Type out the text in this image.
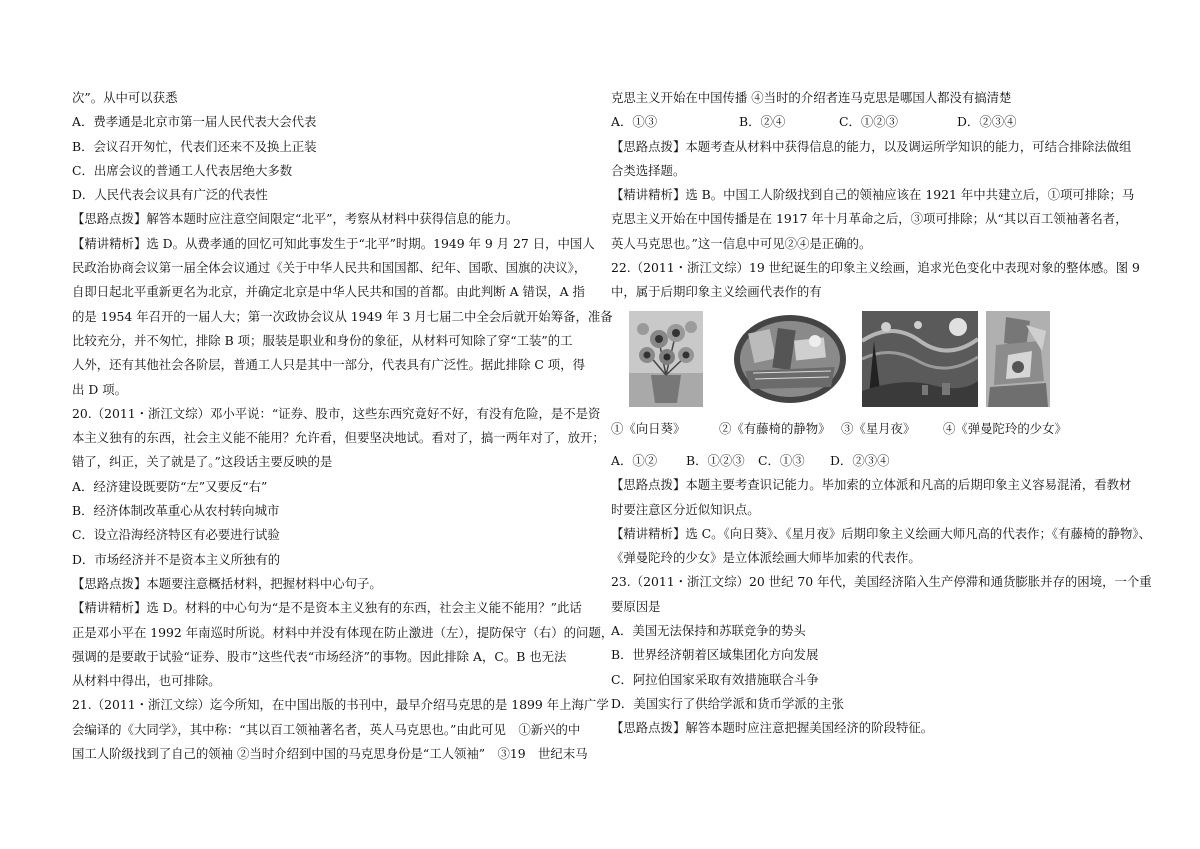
次”。从中可以获悉
A．费孝通是北京市第一届人民代表大会代表
B．会议召开匆忙，代表们还来不及换上正装
C．出席会议的普通工人代表居绝大多数
D．人民代表会议具有广泛的代表性
【思路点拨】解答本题时应注意空间限定“北平”，考察从材料中获得信息的能力。
【精讲精析】选 D。从费孝通的回忆可知此事发生于“北平”时期。1949 年 9 月 27 日，中国人
民政治协商会议第一届全体会议通过《关于中华人民共和国国都、纪年、国歌、国旗的决议》，
自即日起北平重新更名为北京，并确定北京是中华人民共和国的首都。由此判断 A 错误，A 指
的是 1954 年召开的一届人大；第一次政协会议从 1949 年 3 月七届二中全会后就开始筹备，准备
比较充分，并不匆忙，排除 B 项；服装是职业和身份的象征，从材料可知除了穿“工装”的工
人外，还有其他社会各阶层，普通工人只是其中一部分，代表具有广泛性。据此排除 C 项，得
出 D 项。
20.（2011・浙江文综）邓小平说：“证券、股市，这些东西究竟好不好，有没有危险，是不是资
本主义独有的东西，社会主义能不能用？允许看，但要坚决地试。看对了，搞一两年对了，放开；
错了，纠正，关了就是了。”这段话主要反映的是
A．经济建设既要防“左”又要反“右”
B．经济体制改革重心从农村转向城市
C．设立沿海经济特区有必要进行试验
D．市场经济并不是资本主义所独有的
【思路点拨】本题要注意概括材料，把握材料中心句子。
【精讲精析】选 D。材料的中心句为“是不是资本主义独有的东西，社会主义能不能用？”此话
正是邓小平在 1992 年南巡时所说。材料中并没有体现在防止激进（左），提防保守（右）的问题，
强调的是要敢于试验“证券、股市”这些代表“市场经济”的事物。因此排除 A，C。B 也无法
从材料中得出，也可排除。
21.（2011・浙江文综）迄今所知，在中国出版的书刊中，最早介绍马克思的是 1899 年上海广学
会编译的《大同学》，其中称：“其以百工领袖著名者，英人马克思也。”由此可见　①新兴的中
国工人阶级找到了自己的领袖 ②当时介绍到中国的马克思身份是“工人领袖”　③19　世纪末马
克思主义开始在中国传播 ④当时的介绍者连马克思是哪国人都没有搞清楚
A．①③	B．②④	C．①②③	D．②③④
【思路点拨】本题考查从材料中获得信息的能力，以及调运所学知识的能力，可结合排除法做组
合类选择题。
【精讲精析】选 B。中国工人阶级找到自己的领袖应该在 1921 年中共建立后，①项可排除；马
克思主义开始在中国传播是在 1917 年十月革命之后，③项可排除；从“其以百工领袖著名者，
英人马克思也。”这一信息中可见②④是正确的。
22.（2011・浙江文综）19 世纪诞生的印象主义绘画，追求光色变化中表现对象的整体感。图 9
中，属于后期印象主义绘画代表作的有
①《向日葵》	②《有藤椅的静物》 ③《星月夜》	④《弹曼陀玲的少女》
A．①②	B．①②③	C．①③	D．②③④
【思路点拨】本题主要考查识记能力。毕加索的立体派和凡高的后期印象主义容易混淆，看教材
时要注意区分近似知识点。
【精讲精析】选 C。《向日葵》、《星月夜》后期印象主义绘画大师凡高的代表作；《有藤椅的静物》、
《弹曼陀玲的少女》是立体派绘画大师毕加索的代表作。
23.（2011・浙江文综）20 世纪 70 年代，美国经济陷入生产停滞和通货膨胀并存的困境，一个重
要原因是
A．美国无法保持和苏联竞争的势头
B．世界经济朝着区域集团化方向发展
C．阿拉伯国家采取有效措施联合斗争
D．美国实行了供给学派和货币学派的主张
【思路点拨】解答本题时应注意把握美国经济的阶段特征。
